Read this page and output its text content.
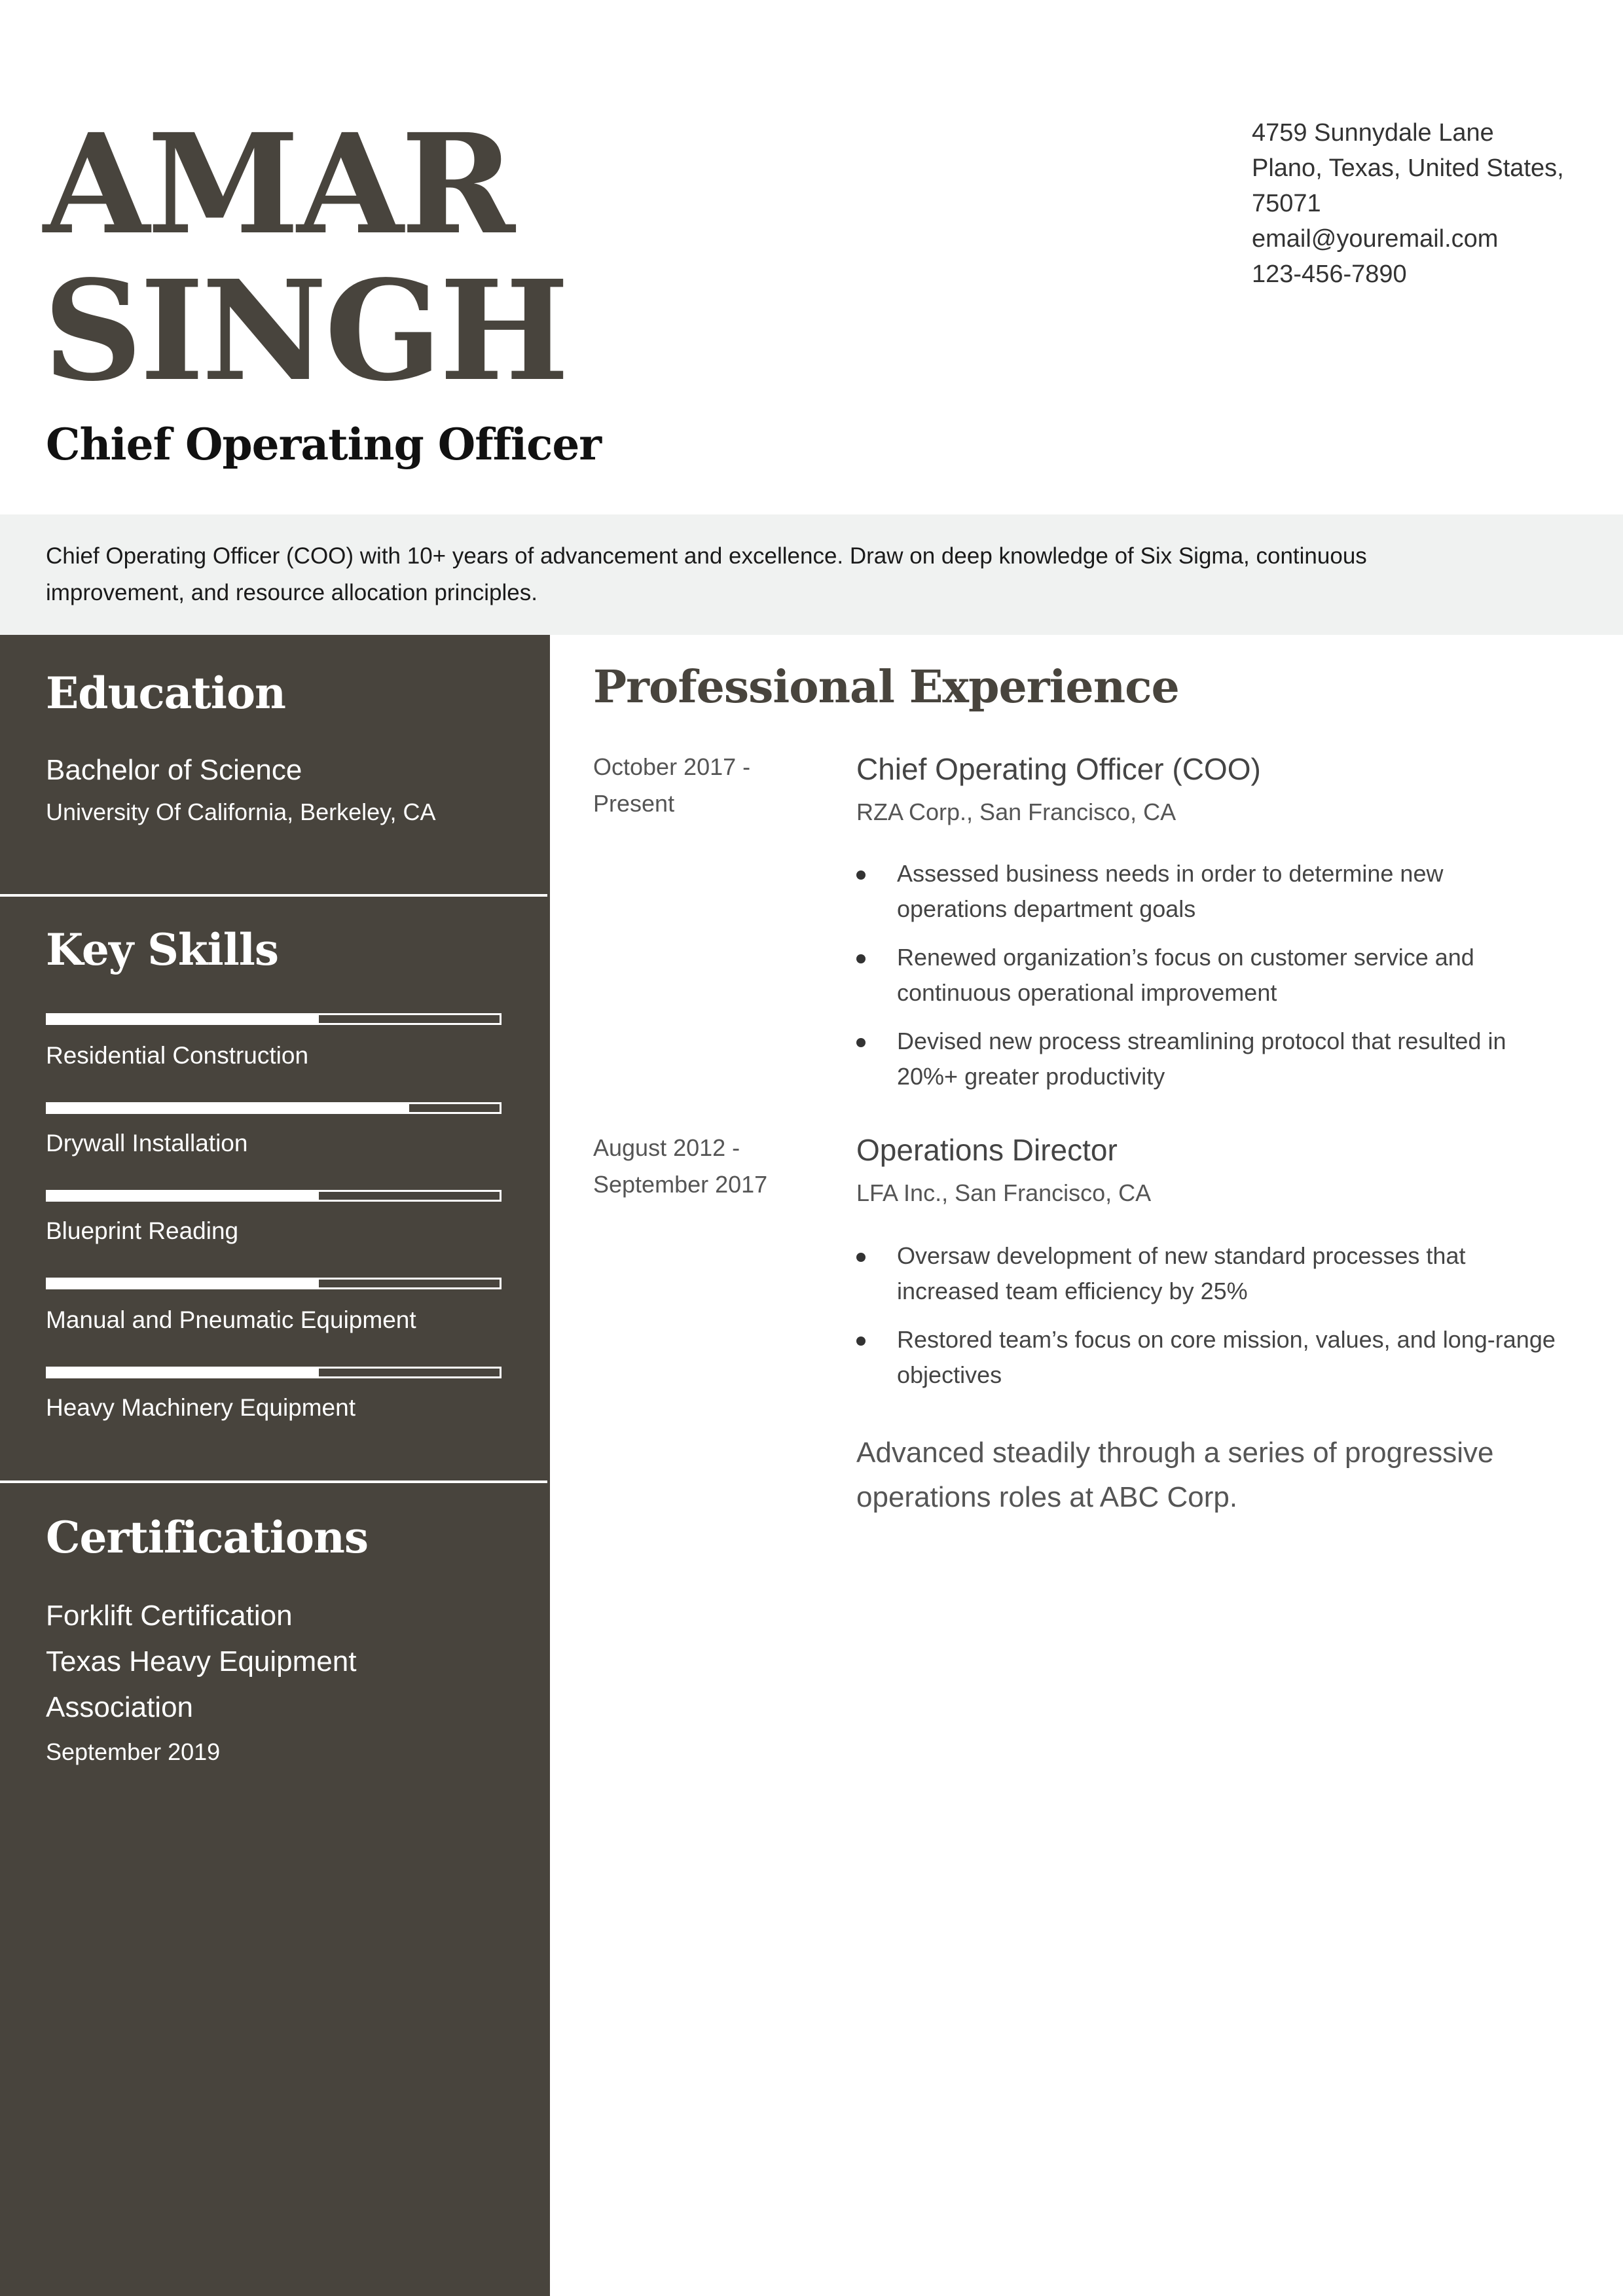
AMAR
SINGH
Chief Operating Officer
4759 Sunnydale Lane
Plano, Texas, United States,
75071
email@youremail.com
123-456-7890
Chief Operating Officer (COO) with 10+ years of advancement and excellence. Draw on deep knowledge of Six Sigma, continuous
improvement, and resource allocation principles.
Education
Bachelor of Science
University Of California, Berkeley, CA
Key Skills
Residential Construction
Drywall Installation
Blueprint Reading
Manual and Pneumatic Equipment
Heavy Machinery Equipment
Certifications
Forklift Certification
Texas Heavy Equipment
Association
September 2019
Professional Experience
October 2017 -
Present
Chief Operating Officer (COO)
RZA Corp., San Francisco, CA
Assessed business needs in order to determine new
operations department goals
Renewed organization’s focus on customer service and
continuous operational improvement
Devised new process streamlining protocol that resulted in
20%+ greater productivity
August 2012 -
September 2017
Operations Director
LFA Inc., San Francisco, CA
Oversaw development of new standard processes that
increased team efficiency by 25%
Restored team’s focus on core mission, values, and long-range
objectives
Advanced steadily through a series of progressive
operations roles at ABC Corp.
